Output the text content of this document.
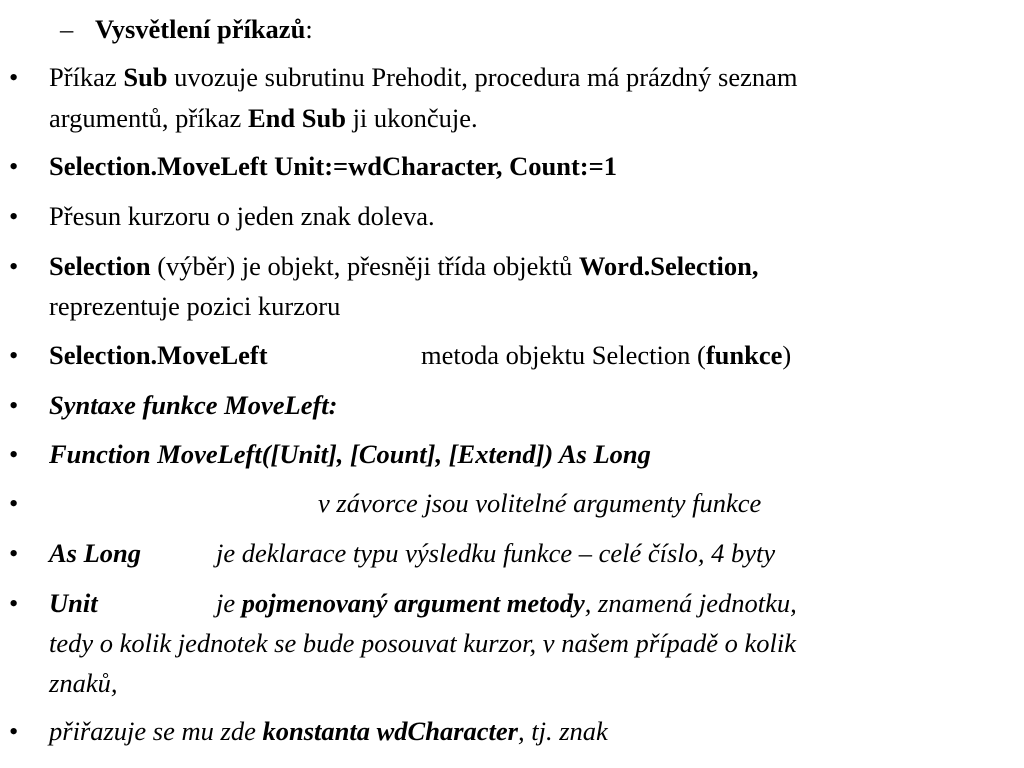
– Vysvětlení příkazů:
•	Příkaz Sub uvozuje subrutinu Prehodit, procedura má prázdný seznam
argumentů, příkaz End Sub ji ukončuje.
•	Selection.MoveLeft Unit:=wdCharacter, Count:=1
•	Přesun kurzoru o jeden znak doleva.
•	Selection (výběr) je objekt, přesněji třída objektů Word.Selection,
reprezentuje pozici kurzoru
•	Selection.MoveLeft	metoda objektu Selection (funkce)
•	Syntaxe funkce MoveLeft:
•	Function MoveLeft([Unit], [Count], [Extend]) As Long
•	v závorce jsou volitelné argumenty funkce
•	As Long	je deklarace typu výsledku funkce – celé číslo, 4 byty
•	Unit	je pojmenovaný argument metody, znamená jednotku,
tedy o kolik jednotek se bude posouvat kurzor, v našem případě o kolik
znaků,
•	přiřazuje se mu zde konstanta wdCharacter, tj. znak
